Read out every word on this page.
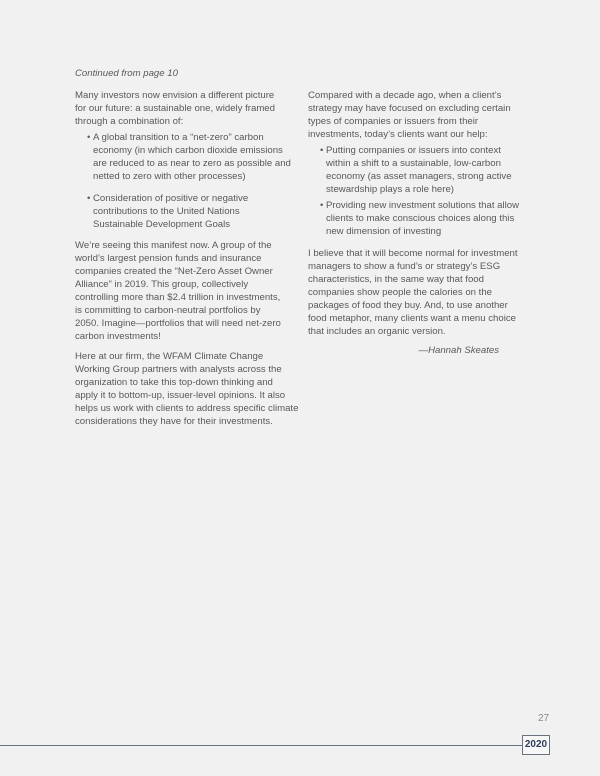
Continued from page 10
Many investors now envision a different picture
for our future: a sustainable one, widely framed
through a combination of:
• A global transition to a “net-zero” carbon
economy (in which carbon dioxide emissions
are reduced to as near to zero as possible and
netted to zero with other processes)
• Consideration of positive or negative
contributions to the United Nations
Sustainable Development Goals
We’re seeing this manifest now. A group of the
world’s largest pension funds and insurance
companies created the “Net-Zero Asset Owner
Alliance” in 2019. This group, collectively
controlling more than $2.4 trillion in investments,
is committing to carbon-neutral portfolios by
2050. Imagine—portfolios that will need net-zero
carbon investments!
Here at our firm, the WFAM Climate Change
Working Group partners with analysts across the
organization to take this top-down thinking and
apply it to bottom-up, issuer-level opinions. It also
helps us work with clients to address specific climate
considerations they have for their investments.
Compared with a decade ago, when a client’s
strategy may have focused on excluding certain
types of companies or issuers from their
investments, today’s clients want our help:
• Putting companies or issuers into context
within a shift to a sustainable, low-carbon
economy (as asset managers, strong active
stewardship plays a role here)
• Providing new investment solutions that allow
clients to make conscious choices along this
new dimension of investing
I believe that it will become normal for investment
managers to show a fund’s or strategy’s ESG
characteristics, in the same way that food
companies show people the calories on the
packages of food they buy. And, to use another
food metaphor, many clients want a menu choice
that includes an organic version.
—Hannah Skeates
27
2020
